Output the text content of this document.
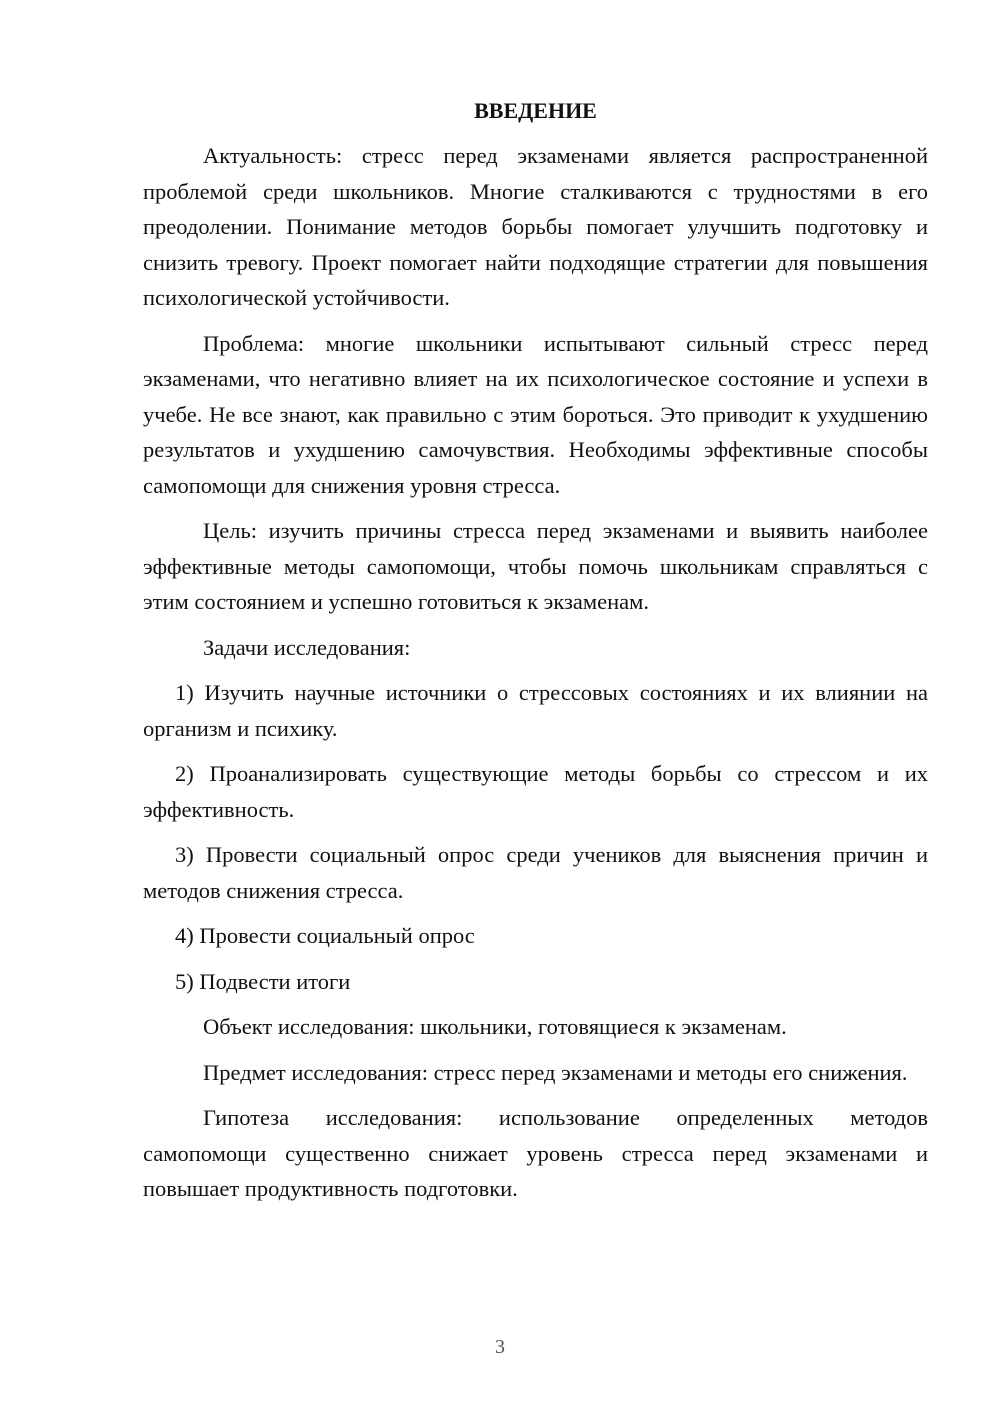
ВВЕДЕНИЕ

Актуальность: стресс перед экзаменами является распространенной проблемой среди школьников. Многие сталкиваются с трудностями в его преодолении. Понимание методов борьбы помогает улучшить подготовку и снизить тревогу. Проект помогает найти подходящие стратегии для повышения психологической устойчивости.

Проблема: многие школьники испытывают сильный стресс перед экзаменами, что негативно влияет на их психологическое состояние и успехи в учебе. Не все знают, как правильно с этим бороться. Это приводит к ухудшению результатов и ухудшению самочувствия. Необходимы эффективные способы самопомощи для снижения уровня стресса.

Цель: изучить причины стресса перед экзаменами и выявить наиболее эффективные методы самопомощи, чтобы помочь школьникам справляться с этим состоянием и успешно готовиться к экзаменам.

Задачи исследования:

1) Изучить научные источники о стрессовых состояниях и их влиянии на организм и психику.

2) Проанализировать существующие методы борьбы со стрессом и их эффективность.

3) Провести социальный опрос среди учеников для выяснения причин и методов снижения стресса.

4) Провести социальный опрос

5) Подвести итоги

Объект исследования: школьники, готовящиеся к экзаменам.

Предмет исследования: стресс перед экзаменами и методы его снижения.

Гипотеза исследования: использование определенных методов самопомощи существенно снижает уровень стресса перед экзаменами и повышает продуктивность подготовки.

3
